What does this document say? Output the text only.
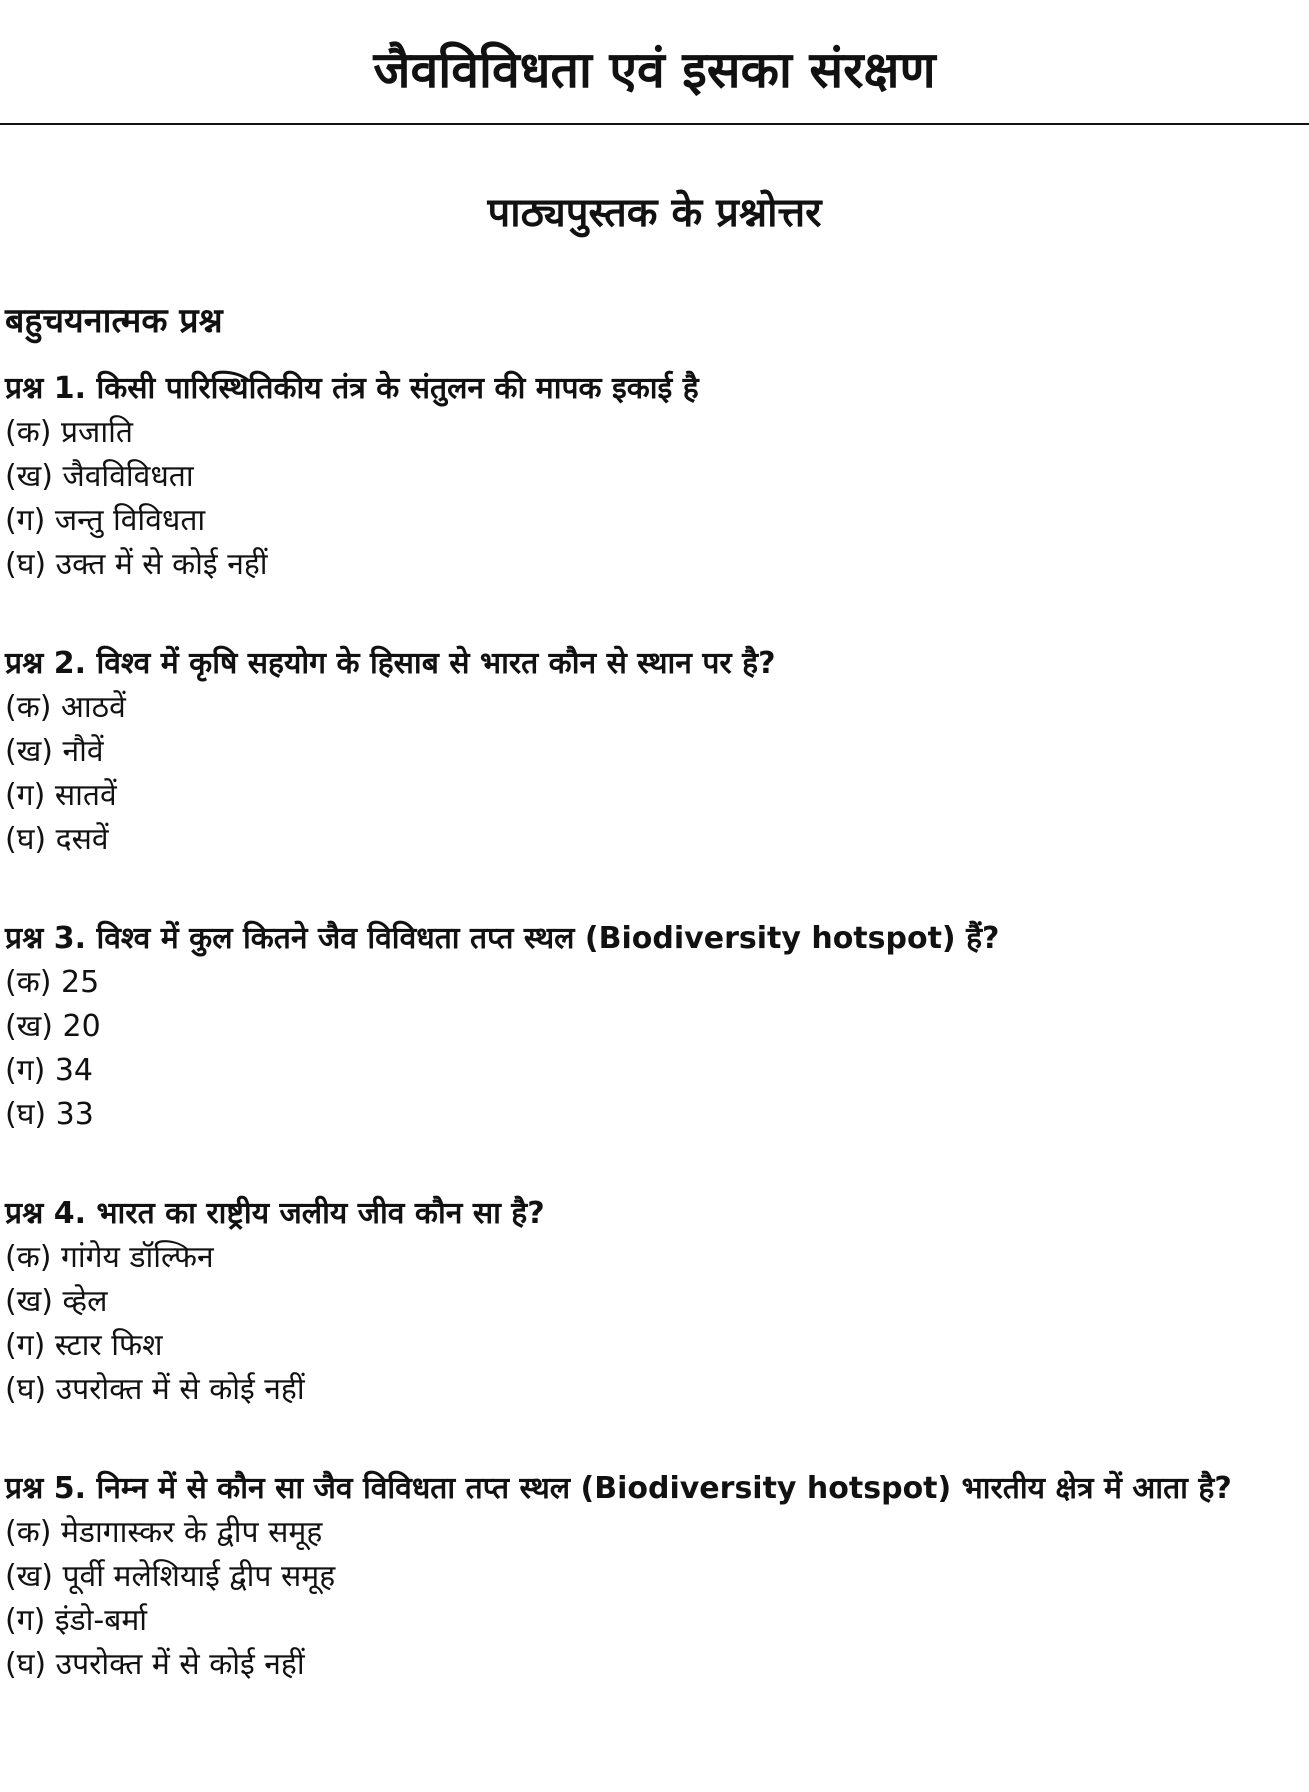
जैवविविधता एवं इसका संरक्षण
पाठ्यपुस्तक के प्रश्नोत्तर
बहुचयनात्मक प्रश्न

प्रश्न 1. किसी पारिस्थितिकीय तंत्र के संतुलन की मापक इकाई है

(क) प्रजाति
(ख) जैवविविधता
(ग) जन्तु विविधता
(घ) उक्त में से कोई नहीं

प्रश्न 2. विश्व में कृषि सहयोग के हिसाब से भारत कौन से स्थान पर है?

(क) आठवें
(ख) नौवें
(ग) सातवें
(घ) दसवें

प्रश्न 3. विश्व में कुल कितने जैव विविधता तप्त स्थल (Biodiversity hotspot) हैं?

(क) 25
(ख) 20
(ग) 34
(घ) 33

प्रश्न 4. भारत का राष्ट्रीय जलीय जीव कौन सा है?

(क) गांगेय डॉल्फिन
(ख) व्हेल
(ग) स्टार फिश
(घ) उपरोक्त में से कोई नहीं

प्रश्न 5. निम्न में से कौन सा जैव विविधता तप्त स्थल (Biodiversity hotspot) भारतीय क्षेत्र में आता है?

(क) मेडागास्कर के द्वीप समूह
(ख) पूर्वी मलेशियाई द्वीप समूह
(ग) इंडो-बर्मा
(घ) उपरोक्त में से कोई नहीं
